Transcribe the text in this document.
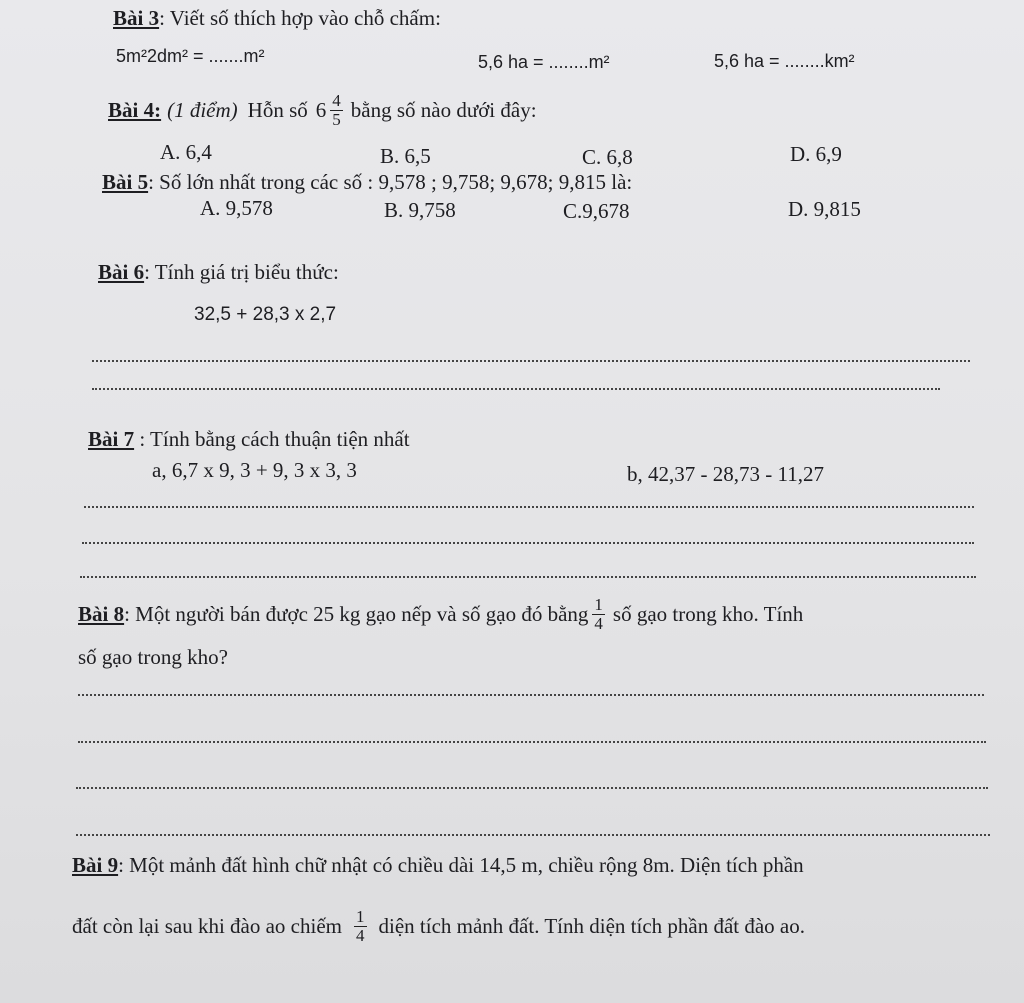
Bài 3: Viết số thích hợp vào chỗ chấm:
5m²2dm² = .......m²	5,6 ha = ........m²	5,6 ha = ........km²
Bài 4: (1 điểm) Hỗn số $6 \frac{4}{5}$ bằng số nào dưới đây:
A. 6,4	B. 6,5	C. 6,8	D. 6,9
Bài 5: Số lớn nhất trong các số : 9,578 ; 9,758; 9,678; 9,815 là:
A. 9,578	B. 9,758	C.9,678	D. 9,815
Bài 6: Tính giá trị biểu thức:
32,5 + 28,3 x 2,7
Bài 7 : Tính bằng cách thuận tiện nhất
a, 6,7 x 9, 3 + 9, 3 x 3, 3	b, 42,37 - 28,73 - 11,27
Bài 8 : Một người bán được 25 kg gạo nếp và số gạo đó bằng $\frac{1}{4}$ số gạo trong kho. Tính
số gạo trong kho?
Bài 9: Một mảnh đất hình chữ nhật có chiều dài 14,5 m, chiều rộng 8m. Diện tích phần
đất còn lại sau khi đào ao chiếm $\frac{1}{4}$ diện tích mảnh đất. Tính diện tích phần đất đào ao.
